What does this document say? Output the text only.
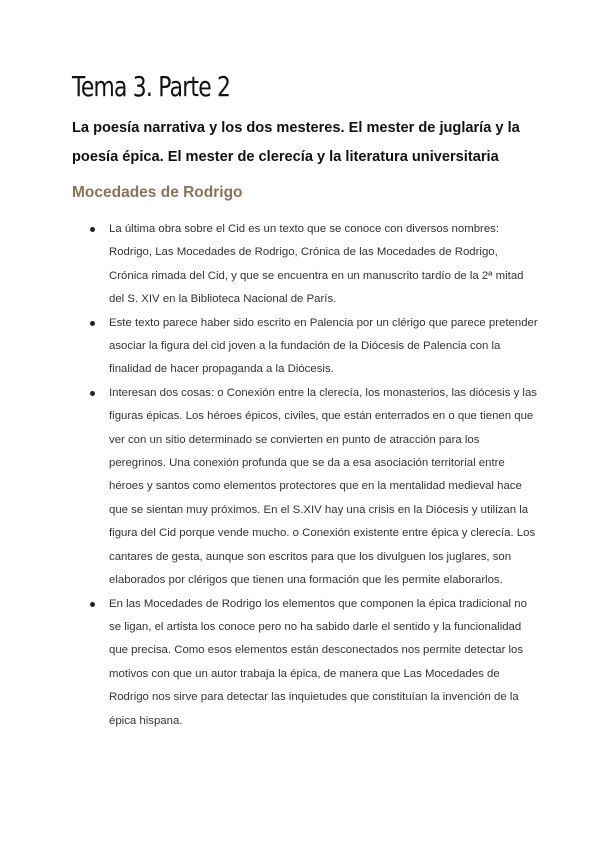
Tema 3. Parte 2

La poesía narrativa y los dos mesteres. El mester de juglaría y la poesía épica. El mester de clerecía y la literatura universitaria

Mocedades de Rodrigo
La última obra sobre el Cid es un texto que se conoce con diversos nombres: Rodrigo, Las Mocedades de Rodrigo, Crónica de las Mocedades de Rodrigo, Crónica rimada del Cid, y que se encuentra en un manuscrito tardío de la 2ª mitad del S. XIV en la Biblioteca Nacional de París.
Este texto parece haber sido escrito en Palencia por un clérigo que parece pretender asociar la figura del cid joven a la fundación de la Diócesis de Palencia con la finalidad de hacer propaganda a la Diócesis.
Interesan dos cosas: o Conexión entre la clerecía, los monasterios, las diócesis y las figuras épicas. Los héroes épicos, civiles, que están enterrados en o que tienen que ver con un sitio determinado se convierten en punto de atracción para los peregrinos. Una conexión profunda que se da a esa asociación territorial entre héroes y santos como elementos protectores que en la mentalidad medieval hace que se sientan muy próximos. En el S.XIV hay una crisis en la Diócesis y utilizan la figura del Cid porque vende mucho. o Conexión existente entre épica y clerecía. Los cantares de gesta, aunque son escritos para que los divulguen los juglares, son elaborados por clérigos que tienen una formación que les permite elaborarlos.
En las Mocedades de Rodrigo los elementos que componen la épica tradicional no se ligan, el artista los conoce pero no ha sabido darle el sentido y la funcionalidad que precisa. Como esos elementos están desconectados nos permite detectar los motivos con que un autor trabaja la épica, de manera que Las Mocedades de Rodrigo nos sirve para detectar las inquietudes que constituían la invención de la épica hispana.
